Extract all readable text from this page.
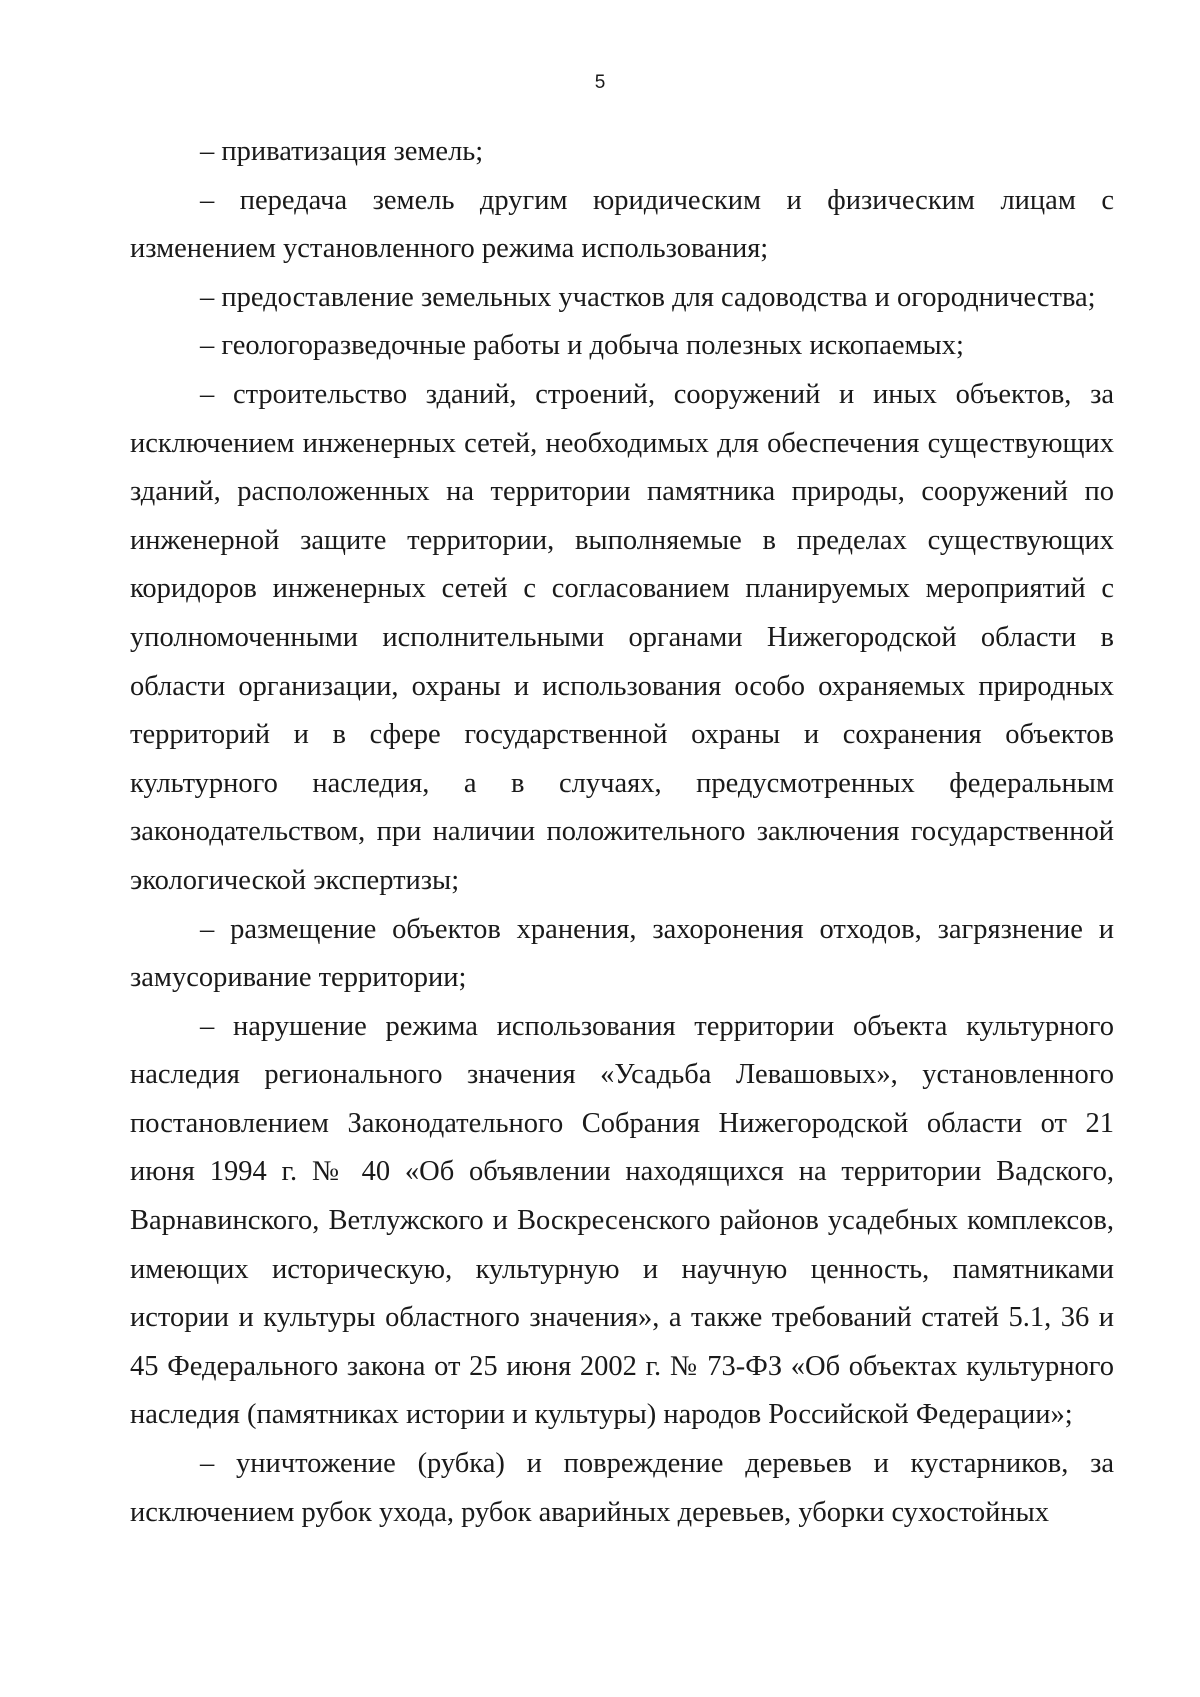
5

– приватизация земель;

– передача земель другим юридическим и физическим лицам с изменением установленного режима использования;

– предоставление земельных участков для садоводства и огородничества;

– геологоразведочные работы и добыча полезных ископаемых;

– строительство зданий, строений, сооружений и иных объектов, за исключением инженерных сетей, необходимых для обеспечения существующих зданий, расположенных на территории памятника природы, сооружений по инженерной защите территории, выполняемые в пределах существующих коридоров инженерных сетей с согласованием планируемых мероприятий с уполномоченными исполнительными органами Нижегородской области в области организации, охраны и использования особо охраняемых природных территорий и в сфере государственной охраны и сохранения объектов культурного наследия, а в случаях, предусмотренных федеральным законодательством, при наличии положительного заключения государственной экологической экспертизы;

– размещение объектов хранения, захоронения отходов, загрязнение и замусоривание территории;

– нарушение режима использования территории объекта культурного наследия регионального значения «Усадьба Левашовых», установленного постановлением Законодательного Собрания Нижегородской области от 21 июня 1994 г. № 40 «Об объявлении находящихся на территории Вадского, Варнавинского, Ветлужского и Воскресенского районов усадебных комплексов, имеющих историческую, культурную и научную ценность, памятниками истории и культуры областного значения», а также требований статей 5.1, 36 и 45 Федерального закона от 25 июня 2002 г. № 73-ФЗ «Об объектах культурного наследия (памятниках истории и культуры) народов Российской Федерации»;

– уничтожение (рубка) и повреждение деревьев и кустарников, за исключением рубок ухода, рубок аварийных деревьев, уборки сухостойных
